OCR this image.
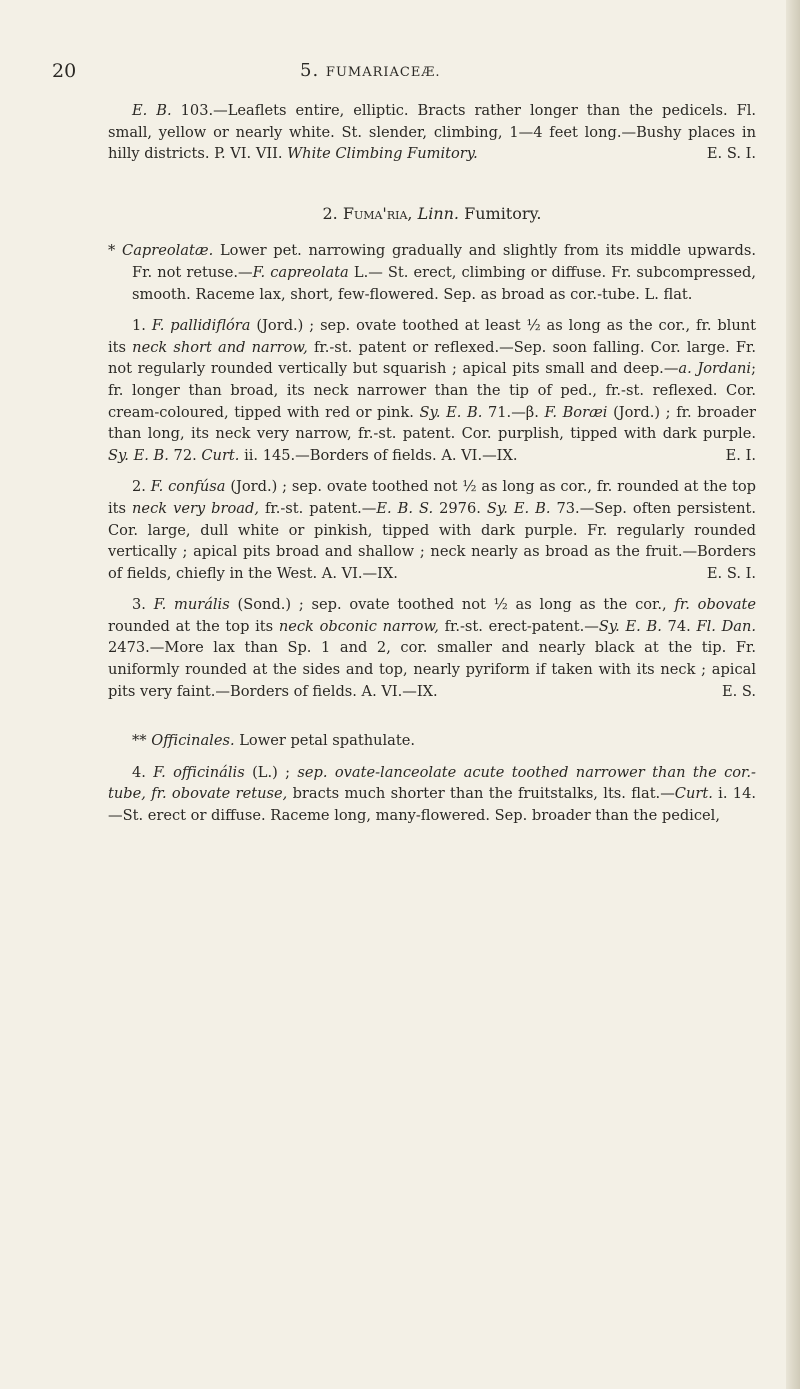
20	5. FUMARIACEÆ.

E. B. 103.—Leaflets entire, elliptic. Bracts rather longer than the pedicels. Fl. small, yellow or nearly white. St. slender, climbing, 1—4 feet long.—Bushy places in hilly districts. P. VI. VII. White Climbing Fumitory.	E. S. I.

2. Fuma'ria, Linn. Fumitory.

* Capreolatæ. Lower pet. narrowing gradually and slightly from its middle upwards. Fr. not retuse.—F. capreolata L.— St. erect, climbing or diffuse. Fr. subcompressed, smooth. Raceme lax, short, few-flowered. Sep. as broad as cor.-tube. L. flat.

1. F. pallidiflóra (Jord.) ; sep. ovate toothed at least ½ as long as the cor., fr. blunt its neck short and narrow, fr.-st. patent or reflexed.—Sep. soon falling. Cor. large. Fr. not regularly rounded vertically but squarish ; apical pits small and deep.—a. Jordani; fr. longer than broad, its neck narrower than the tip of ped., fr.-st. reflexed. Cor. cream-coloured, tipped with red or pink. Sy. E. B. 71.—β. F. Boræi (Jord.) ; fr. broader than long, its neck very narrow, fr.-st. patent. Cor. purplish, tipped with dark purple. Sy. E. B. 72. Curt. ii. 145.—Borders of fields. A. VI.—IX.	E. I.

2. F. confúsa (Jord.) ; sep. ovate toothed not ½ as long as cor., fr. rounded at the top its neck very broad, fr.-st. patent.—E. B. S. 2976. Sy. E. B. 73.—Sep. often persistent. Cor. large, dull white or pinkish, tipped with dark purple. Fr. regularly rounded vertically ; apical pits broad and shallow ; neck nearly as broad as the fruit.—Borders of fields, chiefly in the West. A. VI.—IX.	E. S. I.

3. F. murális (Sond.) ; sep. ovate toothed not ½ as long as the cor., fr. obovate rounded at the top its neck obconic narrow, fr.-st. erect-patent.—Sy. E. B. 74. Fl. Dan. 2473.—More lax than Sp. 1 and 2, cor. smaller and nearly black at the tip. Fr. uniformly rounded at the sides and top, nearly pyriform if taken with its neck ; apical pits very faint.—Borders of fields. A. VI.—IX.	E. S.

** Officinales. Lower petal spathulate.

4. F. officinális (L.) ; sep. ovate-lanceolate acute toothed narrower than the cor.-tube, fr. obovate retuse, bracts much shorter than the fruitstalks, lts. flat.—Curt. i. 14.—St. erect or diffuse. Raceme long, many-flowered. Sep. broader than the pedicel,
